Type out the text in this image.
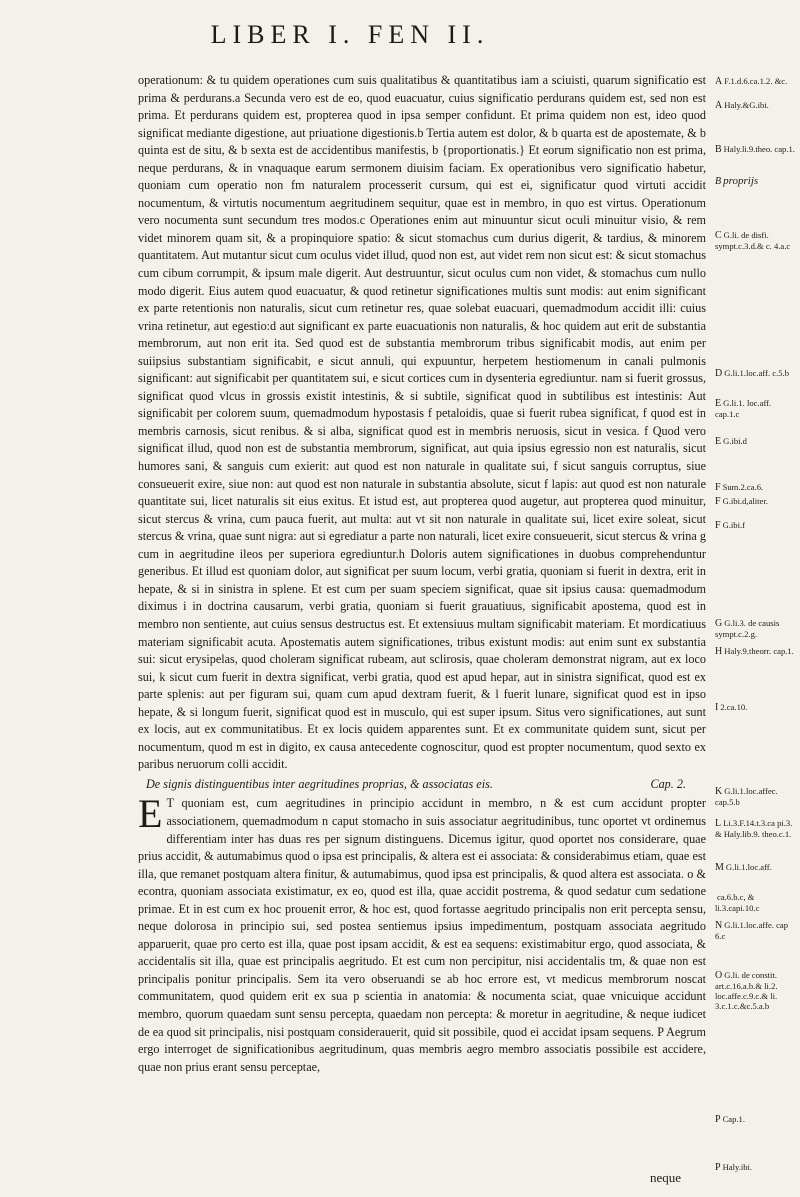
LIBER I. FEN II.

operationum: & tu quidem operationes cum suis qualitatibus & quantitatibus iam a sciuisti, quarum significatio est prima & perdurans.a Secunda vero est de eo, quod euacuatur, cuius significatio perdurans quidem est, sed non est prima. Et perdurans quidem est, propterea quod in ipsa semper confidunt. Et prima quidem non est, ideo quod significat mediante digestione, aut priuatione digestionis.b Tertia autem est dolor, & b quarta est de apostemate, & b quinta est de situ, & b sexta est de accidentibus manifestis, b {proportionatis.} Et eorum significatio non est prima, neque perdurans, & in vnaquaque earum sermonem diuisim faciam. Ex operationibus vero significatio habetur, quoniam cum operatio non fm naturalem processerit cursum, qui est ei, significatur quod virtuti accidit nocumentum, & virtutis nocumentum aegritudinem sequitur, quae est in membro, in quo est virtus. Operationum vero nocumenta sunt secundum tres modos.c Operationes enim aut minuuntur sicut oculi minuitur visio, & rem videt minorem quam sit, & a propinquiore spatio: & sicut stomachus cum durius digerit, & tardius, & minorem quantitatem. Aut mutantur sicut cum oculus videt illud, quod non est, aut videt rem non sicut est: & sicut stomachus cum cibum corrumpit, & ipsum male digerit. Aut destruuntur, sicut oculus cum non videt, & stomachus cum nullo modo digerit. Eius autem quod euacuatur, & quod retinetur significationes multis sunt modis: aut enim significant ex parte retentionis non naturalis, sicut cum retinetur res, quae solebat euacuari, quemadmodum accidit illi: cuius vrina retinetur, aut egestio:d aut significant ex parte euacuationis non naturalis, & hoc quidem aut erit de substantia membrorum, aut non erit ita. Sed quod est de substantia membrorum tribus significabit modis, aut enim per suiipsius substantiam significabit, e sicut annuli, qui expuuntur, herpetem hestiomenum in canali pulmonis significant: aut significabit per quantitatem sui, e sicut cortices cum in dysenteria egrediuntur. nam si fuerit grossus, significat quod vlcus in grossis existit intestinis, & si subtile, significat quod in subtilibus est intestinis: Aut significabit per colorem suum, quemadmodum hypostasis f petaloidis, quae si fuerit rubea significat, f quod est in membris carnosis, sicut renibus. & si alba, significat quod est in membris neruosis, sicut in vesica. f Quod vero significat illud, quod non est de substantia membrorum, significat, aut quia ipsius egressio non est naturalis, sicut humores sani, & sanguis cum exierit: aut quod est non naturale in qualitate sui, f sicut sanguis corruptus, siue consueuerit exire, siue non: aut quod est non naturale in substantia absolute, sicut f lapis: aut quod est non naturale quantitate sui, licet naturalis sit eius exitus. Et istud est, aut propterea quod augetur, aut propterea quod minuitur, sicut stercus & vrina, cum pauca fuerit, aut multa: aut vt sit non naturale in qualitate sui, licet exire soleat, sicut stercus & vrina, quae sunt nigra: aut si egrediatur a parte non naturali, licet exire consueuerit, sicut stercus & vrina g cum in aegritudine ileos per superiora egrediuntur.h Doloris autem significationes in duobus comprehenduntur generibus. Et illud est quoniam dolor, aut significat per suum locum, verbi gratia, quoniam si fuerit in dextra, erit in hepate, & si in sinistra in splene. Et est cum per suam speciem significat, quae sit ipsius causa: quemadmodum diximus i in doctrina causarum, verbi gratia, quoniam si fuerit grauatiuus, significabit apostema, quod est in membro non sentiente, aut cuius sensus destructus est. Et extensiuus multam significabit materiam. Et mordicatiuus materiam significabit acuta. Apostematis autem significationes, tribus existunt modis: aut enim sunt ex substantia sui: sicut erysipelas, quod choleram significat rubeam, aut sclirosis, quae choleram demonstrat nigram, aut ex loco sui, k sicut cum fuerit in dextra significat, verbi gratia, quod est apud hepar, aut in sinistra significat, quod est ex parte splenis: aut per figuram sui, quam cum apud dextram fuerit, & l fuerit lunare, significat quod est in ipso hepate, & si longum fuerit, significat quod est in musculo, qui est super ipsum. Situs vero significationes, aut sunt ex locis, aut ex communitatibus. Et ex locis quidem apparentes sunt. Et ex communitate quidem sunt, sicut per nocumentum, quod m est in digito, ex causa antecedente cognoscitur, quod est propter nocumentum, quod sexto ex paribus neruorum colli accidit.

De signis distinguentibus inter aegritudines proprias, & associatas eis.	Cap. 2.

E T quoniam est, cum aegritudines in principio accidunt in membro, n & est cum accidunt propter associationem, quemadmodum n caput stomacho in suis associatur aegritudinibus, tunc oportet vt ordinemus differentiam inter has duas res per signum distinguens. Dicemus igitur, quod oportet nos considerare, quae prius accidit, & autumabimus quod o ipsa est principalis, & altera est ei associata: & considerabimus etiam, quae est illa, que remanet postquam altera finitur, & autumabimus, quod ipsa est principalis, & quod altera est associata. o & econtra, quoniam associata existimatur, ex eo, quod est illa, quae accidit postrema, & quod sedatur cum sedatione primae. Et in est cum ex hoc prouenit error, & hoc est, quod fortasse aegritudo principalis non erit percepta sensu, neque dolorosa in principio sui, sed postea sentiemus ipsius impedimentum, postquam associata aegritudo apparuerit, quae pro certo est illa, quae post ipsam accidit, & est ea sequens: existimabitur ergo, quod associata, & accidentalis sit illa, quae est principalis aegritudo. Et est cum non percipitur, nisi accidentalis tm, & quae non est principalis ponitur principalis. Sem ita vero obseruandi se ab hoc errore est, vt medicus membrorum noscat communitatem, quod quidem erit ex sua p scientia in anatomia: & nocumenta sciat, quae vnicuique accidunt membro, quorum quaedam sunt sensu percepta, quaedam non percepta: & moretur in aegritudine, & neque iudicet de ea quod sit principalis, nisi postquam considerauerit, quid sit possibile, quod ei accidat ipsam sequens. P Aegrum ergo interroget de significationibus aegritudinum, quas membris aegro membro associatis possibile est accidere, quae non prius erant sensu perceptae,

A F.1.d.6.ca.1.2. &c.
A Haly.&G.ibi.
B Haly.li.9.theo. cap.1.
B proprijs
C G.li. de disfi. sympt.c.3.d.& c. 4.a.c
D G.li.1.loc.aff. c.5.b
E G.li.1. loc.aff. cap.1.c
E G.ibi.d
F Sum.2.ca.6.
F G.ibi.d,aliter.
F G.ibi.f
G G.li.3. de causis sympt.c.2.g.
H Haly.9.theorr. cap.1.
I 2.ca.10.
K G.li.1.loc.affec. cap.5.b
L Li.3.F.14.t.3.ca pi.3. & Haly.lib.9. theo.c.1.
M G.li.1.loc.aff.
ca.6.b.c, & li.3.capi.10.c
N G.li.1.loc.affe. cap 6.c
O G.li. de constit. art.c.16.a.b.& li.2. loc.affe.c.9.c.& li. 3.c.1.c.&c.5.a.b
P Cap.1.
P Haly.ibi.
neque
